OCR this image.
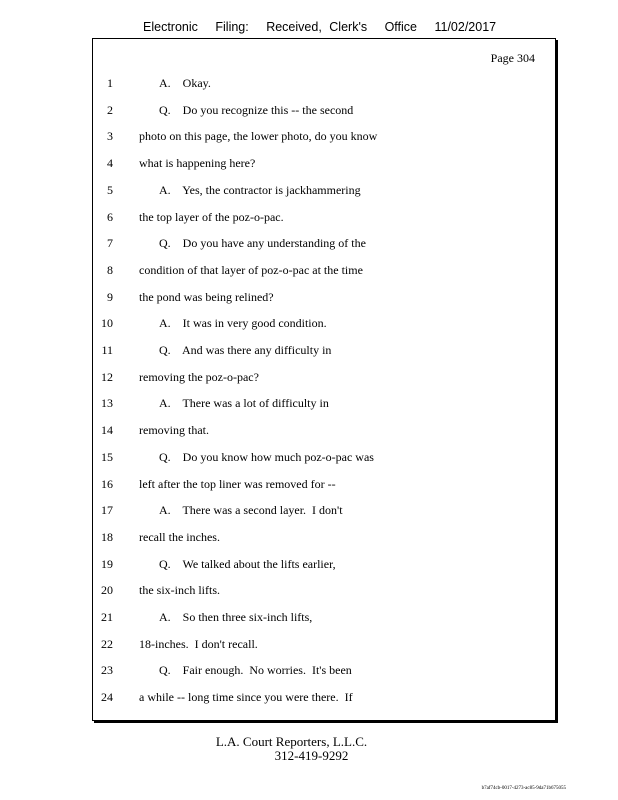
Electronic Filing: Received, Clerk's Office 11/02/2017
Page 304
1	A.    Okay.
2	Q.    Do you recognize this -- the second
3 photo on this page, the lower photo, do you know
4 what is happening here?
5	A.    Yes, the contractor is jackhammering
6 the top layer of the poz-o-pac.
7	Q.    Do you have any understanding of the
8 condition of that layer of poz-o-pac at the time
9 the pond was being relined?
10	A.    It was in very good condition.
11	Q.    And was there any difficulty in
12 removing the poz-o-pac?
13	A.    There was a lot of difficulty in
14 removing that.
15	Q.    Do you know how much poz-o-pac was
16 left after the top liner was removed for --
17	A.    There was a second layer.  I don't
18 recall the inches.
19	Q.    We talked about the lifts earlier,
20 the six-inch lifts.
21	A.    So then three six-inch lifts,
22 18-inches.  I don't recall.
23	Q.    Fair enough.  No worries.  It's been
24 a while -- long time since you were there.  If
L.A. Court Reporters, L.L.C.
312-419-9292
b7af74cb-0017-4273-ac85-9da71b675055
